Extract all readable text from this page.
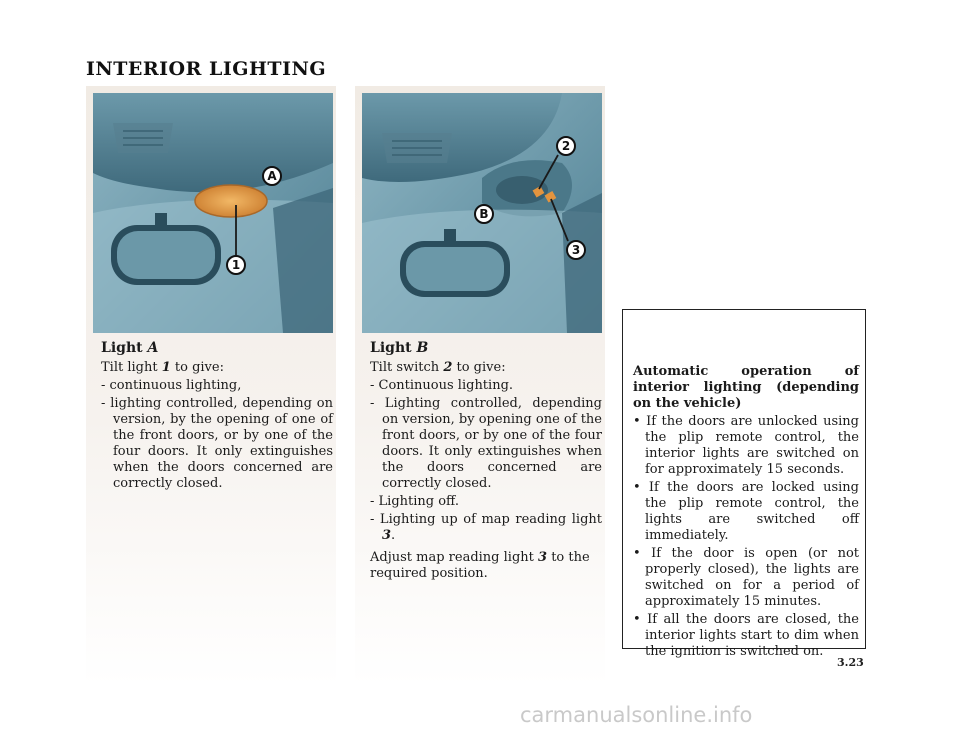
INTERIOR LIGHTING
A
1
2
B
3
Light A
Tilt light 1 to give:
- continuous lighting,
- lighting controlled, depending on version, by the opening of one of the front doors, or by one of the four doors. It only extinguishes when the doors concerned are correctly closed.
Light B
Tilt switch 2 to give:
- Continuous lighting.
- Lighting controlled, depending on version, by opening one of the front doors, or by one of the four doors. It only extinguishes when the doors concerned are correctly closed.
- Lighting off.
- Lighting up of map reading light 3.
Adjust map reading light 3 to the required position.
Automatic operation of interior lighting (depending on the vehicle)
• If the doors are unlocked using the plip remote control, the interior lights are switched on for approximately 15 seconds.
• If the doors are locked using the plip remote control, the lights are switched off immediately.
• If the door is open (or not properly closed), the lights are switched on for a period of approximately 15 minutes.
• If all the doors are closed, the interior lights start to dim when the ignition is switched on.
3.23
carmanualsonline.info
